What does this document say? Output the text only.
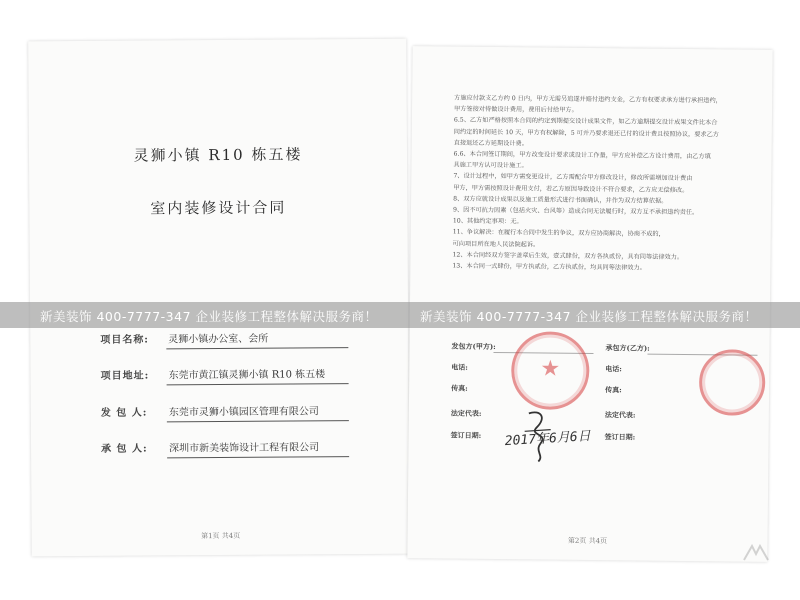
灵狮小镇 R10 栋五楼
室内装修设计合同
项目名称:	灵狮小镇办公室、会所
项目地址:	东莞市黄江镇灵狮小镇 R10 栋五楼
发 包 人:	东莞市灵狮小镇园区管理有限公司
承 包 人:	深圳市新美装饰设计工程有限公司
第1页 共4页
方施应付款支乙方约 0 日内，甲方无需另追遂并赔付违约支金，乙方有权要求承方进行承担违约，
甲方签接对待做设计费用，费用后付给甲方。
6.5、乙方如严格按照本合同的约定到期提交设计成果文件，如乙方逾期提交设计成果文件比本合
同约定的时间延长 10 天，甲方有权解除，5 可并乃要求退还已付的设计费且按照协议，要求乙方
直接退还乙方延期设计费。
6.6、本合同签订期间，甲方改变设计要求或设计工作量，甲方应补偿乙方设计费用，由乙方填
具施工甲方认可设计施工。
7、设计过程中，如甲方需变更设计，乙方需配合甲方修改设计，修改所需增加设计费由
甲方，甲方需按照设计费用支付，若乙方原因导致设计不符合要求，乙方应无偿修改。
8、双方应就设计成果以及施工质量形式进行书面确认，并作为双方结算依据。
9、因不可抗力因素（包括火灾、台风等）造成合同无法履行时，双方互不承担违约责任。
10、其他约定事项：无。
11、争议解决：在履行本合同中发生的争议，双方应协商解决，协商不成的，
可向项目所在地人民法院起诉。
12、本合同经双方签字盖章后生效，壹式肆份，双方各执贰份，具有同等法律效力。
13、本合同一式肆份，甲方执贰份，乙方执贰份，均具同等法律效力。
发包方(甲方):	承包方(乙方):
电话:	电话:
传真:	传真:
法定代表:	法定代表:
签订日期:	签订日期:
2017年6月6日
★
第2页 共4页
新美装饰 400-7777-347 企业装修工程整体解决服务商！	新美装饰 400-7777-347 企业装修工程整体解决服务商！
